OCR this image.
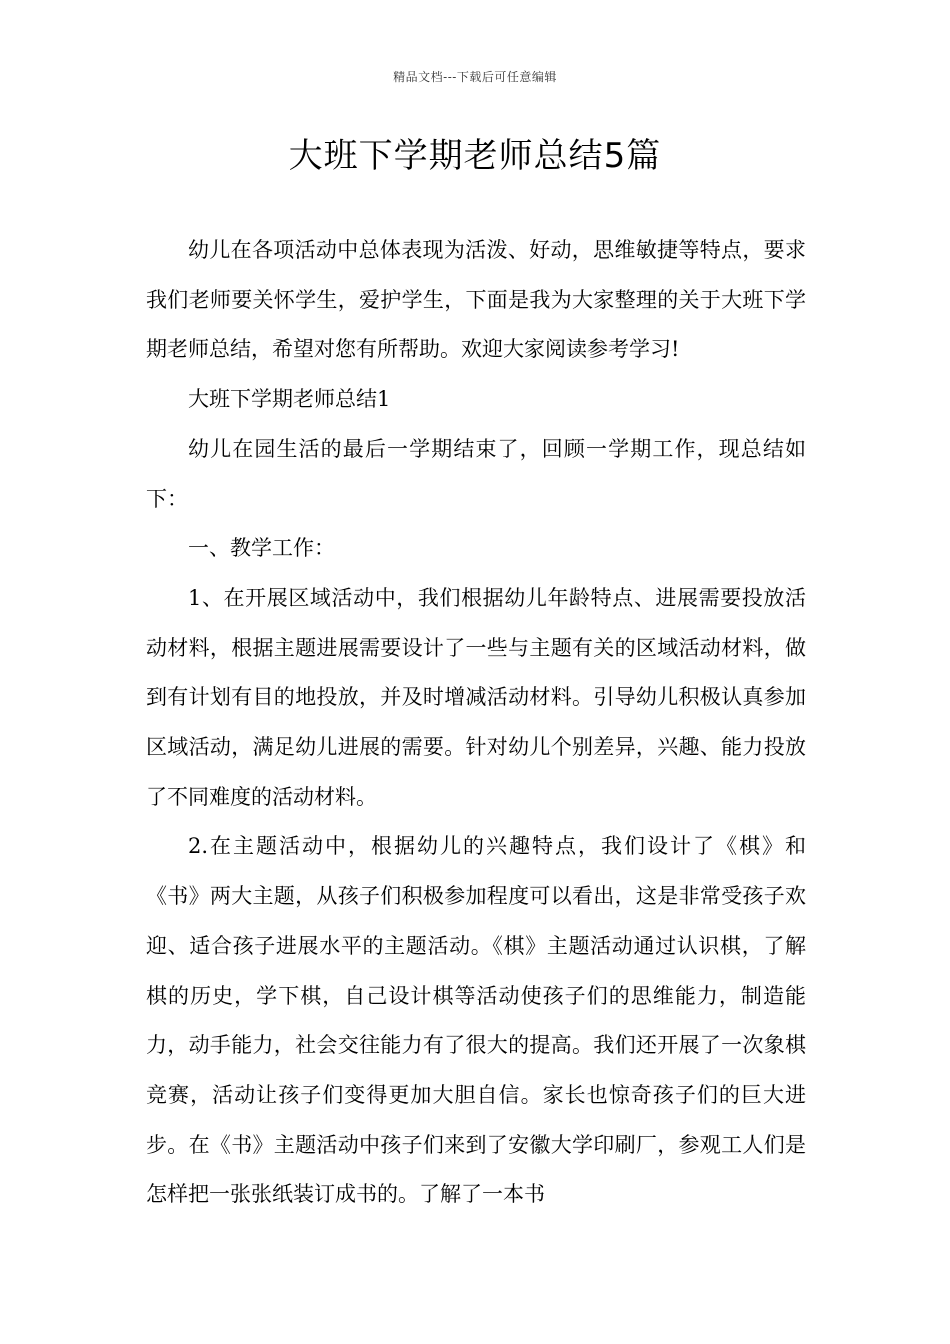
精品文档---下载后可任意编辑
大班下学期老师总结5篇

幼儿在各项活动中总体表现为活泼、好动，思维敏捷等特点，要求我们老师要关怀学生，爱护学生，下面是我为大家整理的关于大班下学期老师总结，希望对您有所帮助。欢迎大家阅读参考学习!

大班下学期老师总结1

幼儿在园生活的最后一学期结束了，回顾一学期工作，现总结如下：

一、教学工作：

1、在开展区域活动中，我们根据幼儿年龄特点、进展需要投放活动材料，根据主题进展需要设计了一些与主题有关的区域活动材料，做到有计划有目的地投放，并及时增减活动材料。引导幼儿积极认真参加区域活动，满足幼儿进展的需要。针对幼儿个别差异，兴趣、能力投放了不同难度的活动材料。

2.在主题活动中，根据幼儿的兴趣特点，我们设计了《棋》和《书》两大主题，从孩子们积极参加程度可以看出，这是非常受孩子欢迎、适合孩子进展水平的主题活动。《棋》主题活动通过认识棋，了解棋的历史，学下棋，自己设计棋等活动使孩子们的思维能力，制造能力，动手能力，社会交往能力有了很大的提高。我们还开展了一次象棋竞赛，活动让孩子们变得更加大胆自信。家长也惊奇孩子们的巨大进步。在《书》主题活动中孩子们来到了安徽大学印刷厂，参观工人们是怎样把一张张纸装订成书的。了解了一本书
